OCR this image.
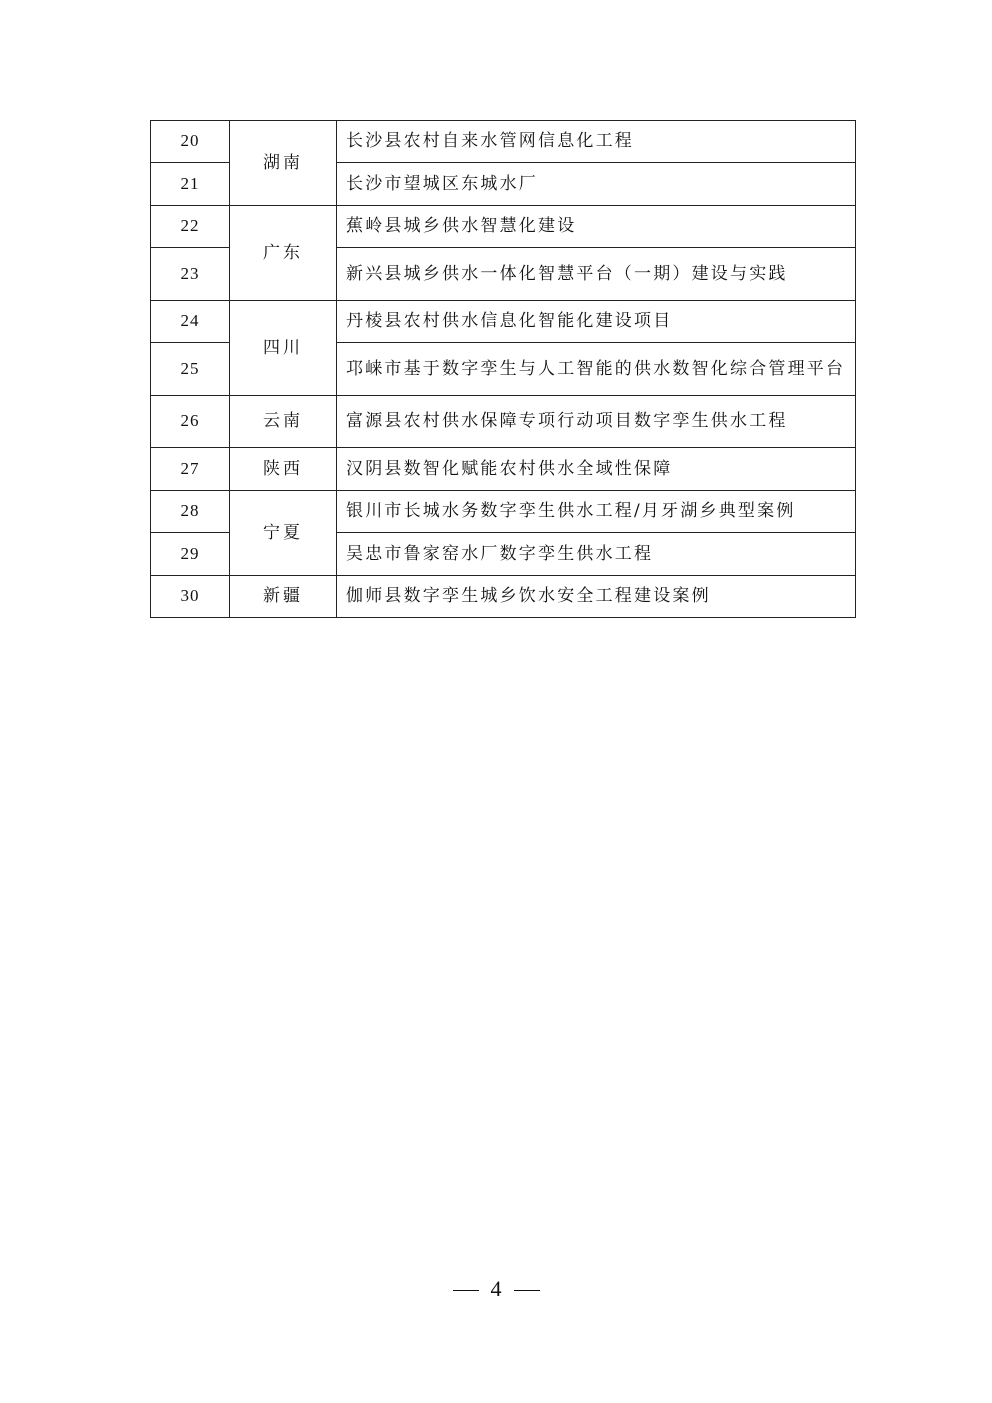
20	湖南	长沙县农村自来水管网信息化工程
21		长沙市望城区东城水厂
22	广东	蕉岭县城乡供水智慧化建设
23		新兴县城乡供水一体化智慧平台（一期）建设与实践
24	四川	丹棱县农村供水信息化智能化建设项目
25		邛崃市基于数字孪生与人工智能的供水数智化综合管理平台
26	云南	富源县农村供水保障专项行动项目数字孪生供水工程
27	陕西	汉阴县数智化赋能农村供水全域性保障
28	宁夏	银川市长城水务数字孪生供水工程/月牙湖乡典型案例
29		吴忠市鲁家窑水厂数字孪生供水工程
30	新疆	伽师县数字孪生城乡饮水安全工程建设案例
4
